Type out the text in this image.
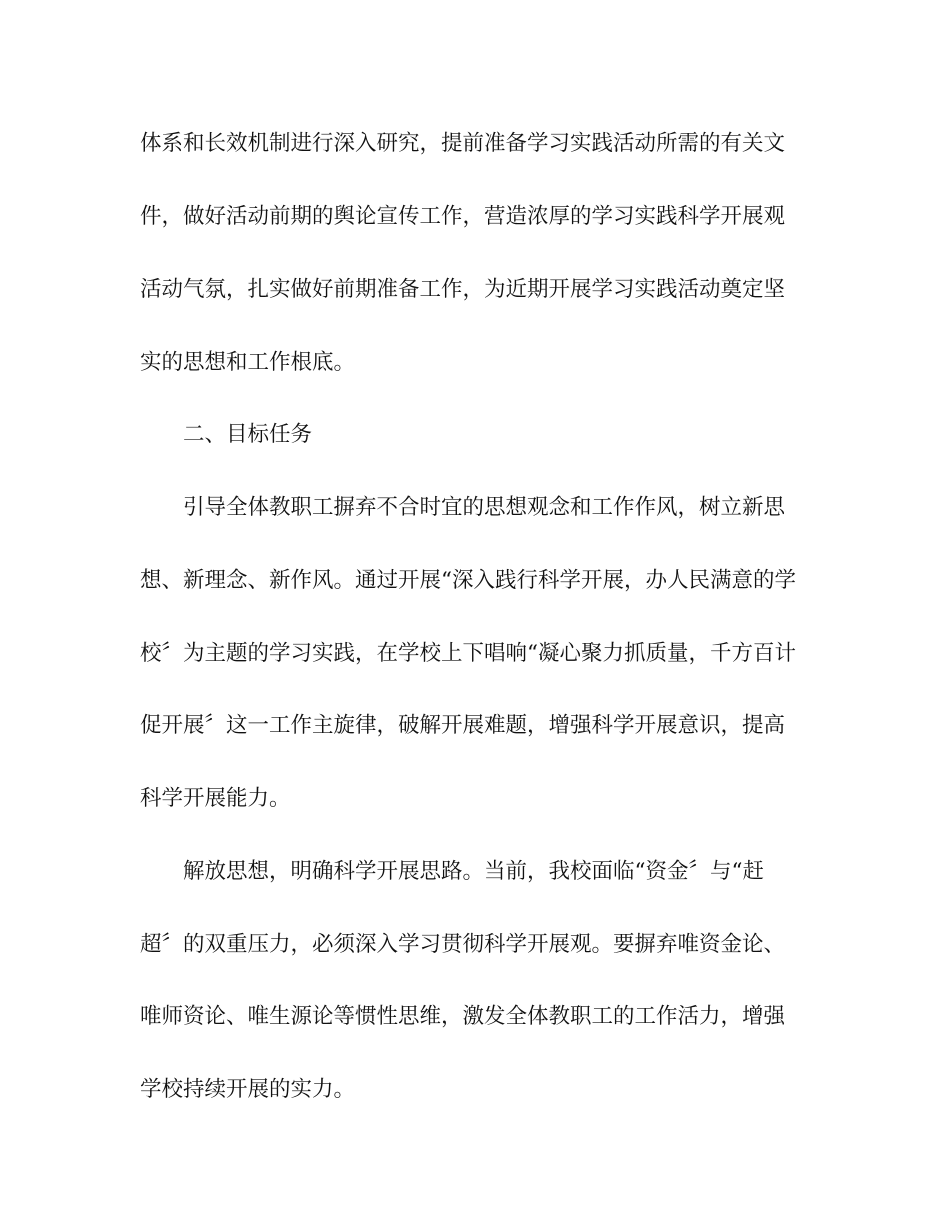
体系和长效机制进行深入研究，提前准备学习实践活动所需的有关文
件，做好活动前期的舆论宣传工作，营造浓厚的学习实践科学开展观
活动气氛，扎实做好前期准备工作，为近期开展学习实践活动奠定坚
实的思想和工作根底。
二、目标任务
引导全体教职工摒弃不合时宜的思想观念和工作作风，树立新思
想、新理念、新作风。通过开展“深入践行科学开展，办人民满意的学
校〞为主题的学习实践，在学校上下唱响“凝心聚力抓质量，千方百计
促开展〞这一工作主旋律，破解开展难题，增强科学开展意识，提高
科学开展能力。
解放思想，明确科学开展思路。当前，我校面临“资金〞与“赶
超〞的双重压力，必须深入学习贯彻科学开展观。要摒弃唯资金论、
唯师资论、唯生源论等惯性思维，激发全体教职工的工作活力，增强
学校持续开展的实力。
